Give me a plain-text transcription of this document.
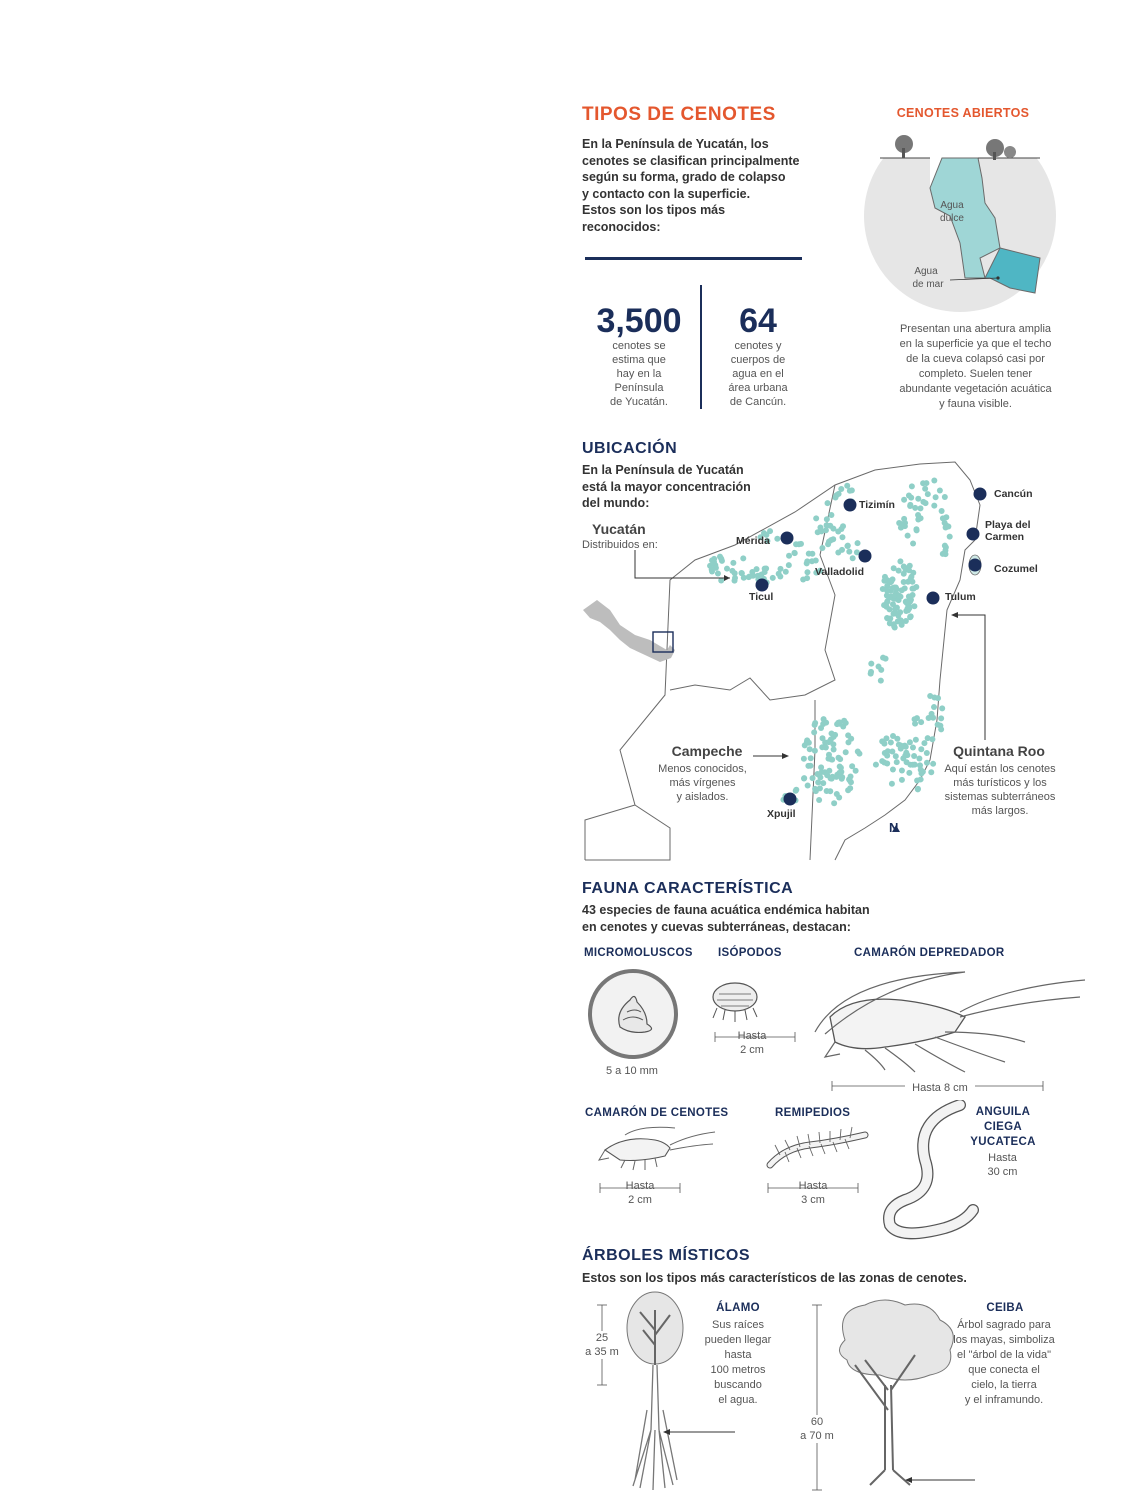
TIPOS DE CENOTES
En la Península de Yucatán, los
cenotes se clasifican principalmente
según su forma, grado de colapso
y contacto con la superficie.
Estos son los tipos más
reconocidos:
3,500
cenotes se
estima que
hay en la
Península
de Yucatán.
64
cenotes y
cuerpos de
agua en el
área urbana
de Cancún.
CENOTES ABIERTOS
Agua
dulce
Agua
de mar
Presentan una abertura amplia
en la superficie ya que el techo
de la cueva colapsó casi por
completo. Suelen tener
abundante vegetación acuática
y fauna visible.
UBICACIÓN
En la Península de Yucatán
está la mayor concentración
del mundo:	Tizimín
Mérida
Valladolid
Ticul
Cancún
Playa del
Carmen
Cozumel
Tulum
Xpujil
N
Yucatán
Distribuidos en:
Campeche
Menos conocidos,
más vírgenes
y aislados.
Quintana Roo
Aquí están los cenotes
más turísticos y los
sistemas subterráneos
más largos.
FAUNA CARACTERÍSTICA
43 especies de fauna acuática endémica habitan
en cenotes y cuevas subterráneas, destacan:
MICROMOLUSCOS ISÓPODOS	CAMARÓN DEPREDADOR
Hasta
2 cm
5 a 10 mm
Hasta 8 cm
CAMARÓN DE CENOTES	REMIPEDIOS	ANGUILA
CIEGA
YUCATECA
Hasta
30 cm
Hasta
2 cm
Hasta
3 cm
ÁRBOLES MÍSTICOS
Estos son los tipos más característicos de las zonas de cenotes.
25
a 35 m
ÁLAMO
Sus raíces
pueden llegar
hasta
100 metros
buscando
el agua.
60
a 70 m
CEIBA
Árbol sagrado para
los mayas, simboliza
el "árbol de la vida"
que conecta el
cielo, la tierra
y el inframundo.
